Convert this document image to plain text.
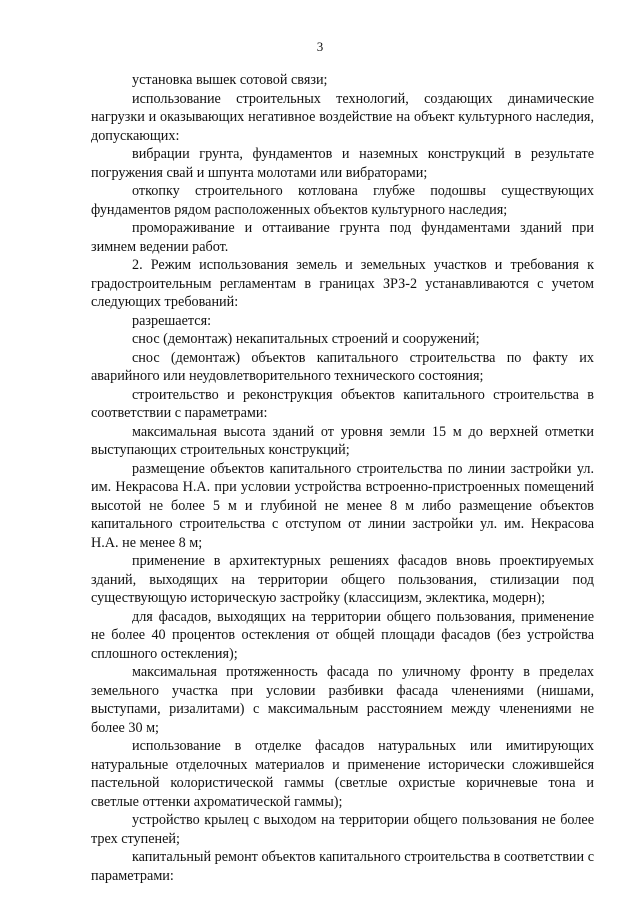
3

установка вышек сотовой связи;

использование строительных технологий, создающих динамические нагрузки и оказывающих негативное воздействие на объект культурного наследия, допускающих:

вибрации грунта, фундаментов и наземных конструкций в результате погружения свай и шпунта молотами или вибраторами;

откопку строительного котлована глубже подошвы существующих фундаментов рядом расположенных объектов культурного наследия;

промораживание и оттаивание грунта под фундаментами зданий при зимнем ведении работ.

2. Режим использования земель и земельных участков и требования к градостроительным регламентам в границах ЗРЗ-2 устанавливаются с учетом следующих требований:

разрешается:

снос (демонтаж) некапитальных строений и сооружений;

снос (демонтаж) объектов капитального строительства по факту их аварийного или неудовлетворительного технического состояния;

строительство и реконструкция объектов капитального строительства в соответствии с параметрами:

максимальная высота зданий от уровня земли 15 м до верхней отметки выступающих строительных конструкций;

размещение объектов капитального строительства по линии застройки ул. им. Некрасова Н.А. при условии устройства встроенно-пристроенных помещений высотой не более 5 м и глубиной не менее 8 м либо размещение объектов капитального строительства с отступом от линии застройки ул. им. Некрасова Н.А. не менее 8 м;

применение в архитектурных решениях фасадов вновь проектируемых зданий, выходящих на территории общего пользования, стилизации под существующую историческую застройку (классицизм, эклектика, модерн);

для фасадов, выходящих на территории общего пользования, применение не более 40 процентов остекления от общей площади фасадов (без устройства сплошного остекления);

максимальная протяженность фасада по уличному фронту в пределах земельного участка при условии разбивки фасада членениями (нишами, выступами, ризалитами) с максимальным расстоянием между членениями не более 30 м;

использование в отделке фасадов натуральных или имитирующих натуральные отделочных материалов и применение исторически сложившейся пастельной колористической гаммы (светлые охристые коричневые тона и светлые оттенки ахроматической гаммы);

устройство крылец с выходом на территории общего пользования не более трех ступеней;

капитальный ремонт объектов капитального строительства в соответствии с параметрами:
